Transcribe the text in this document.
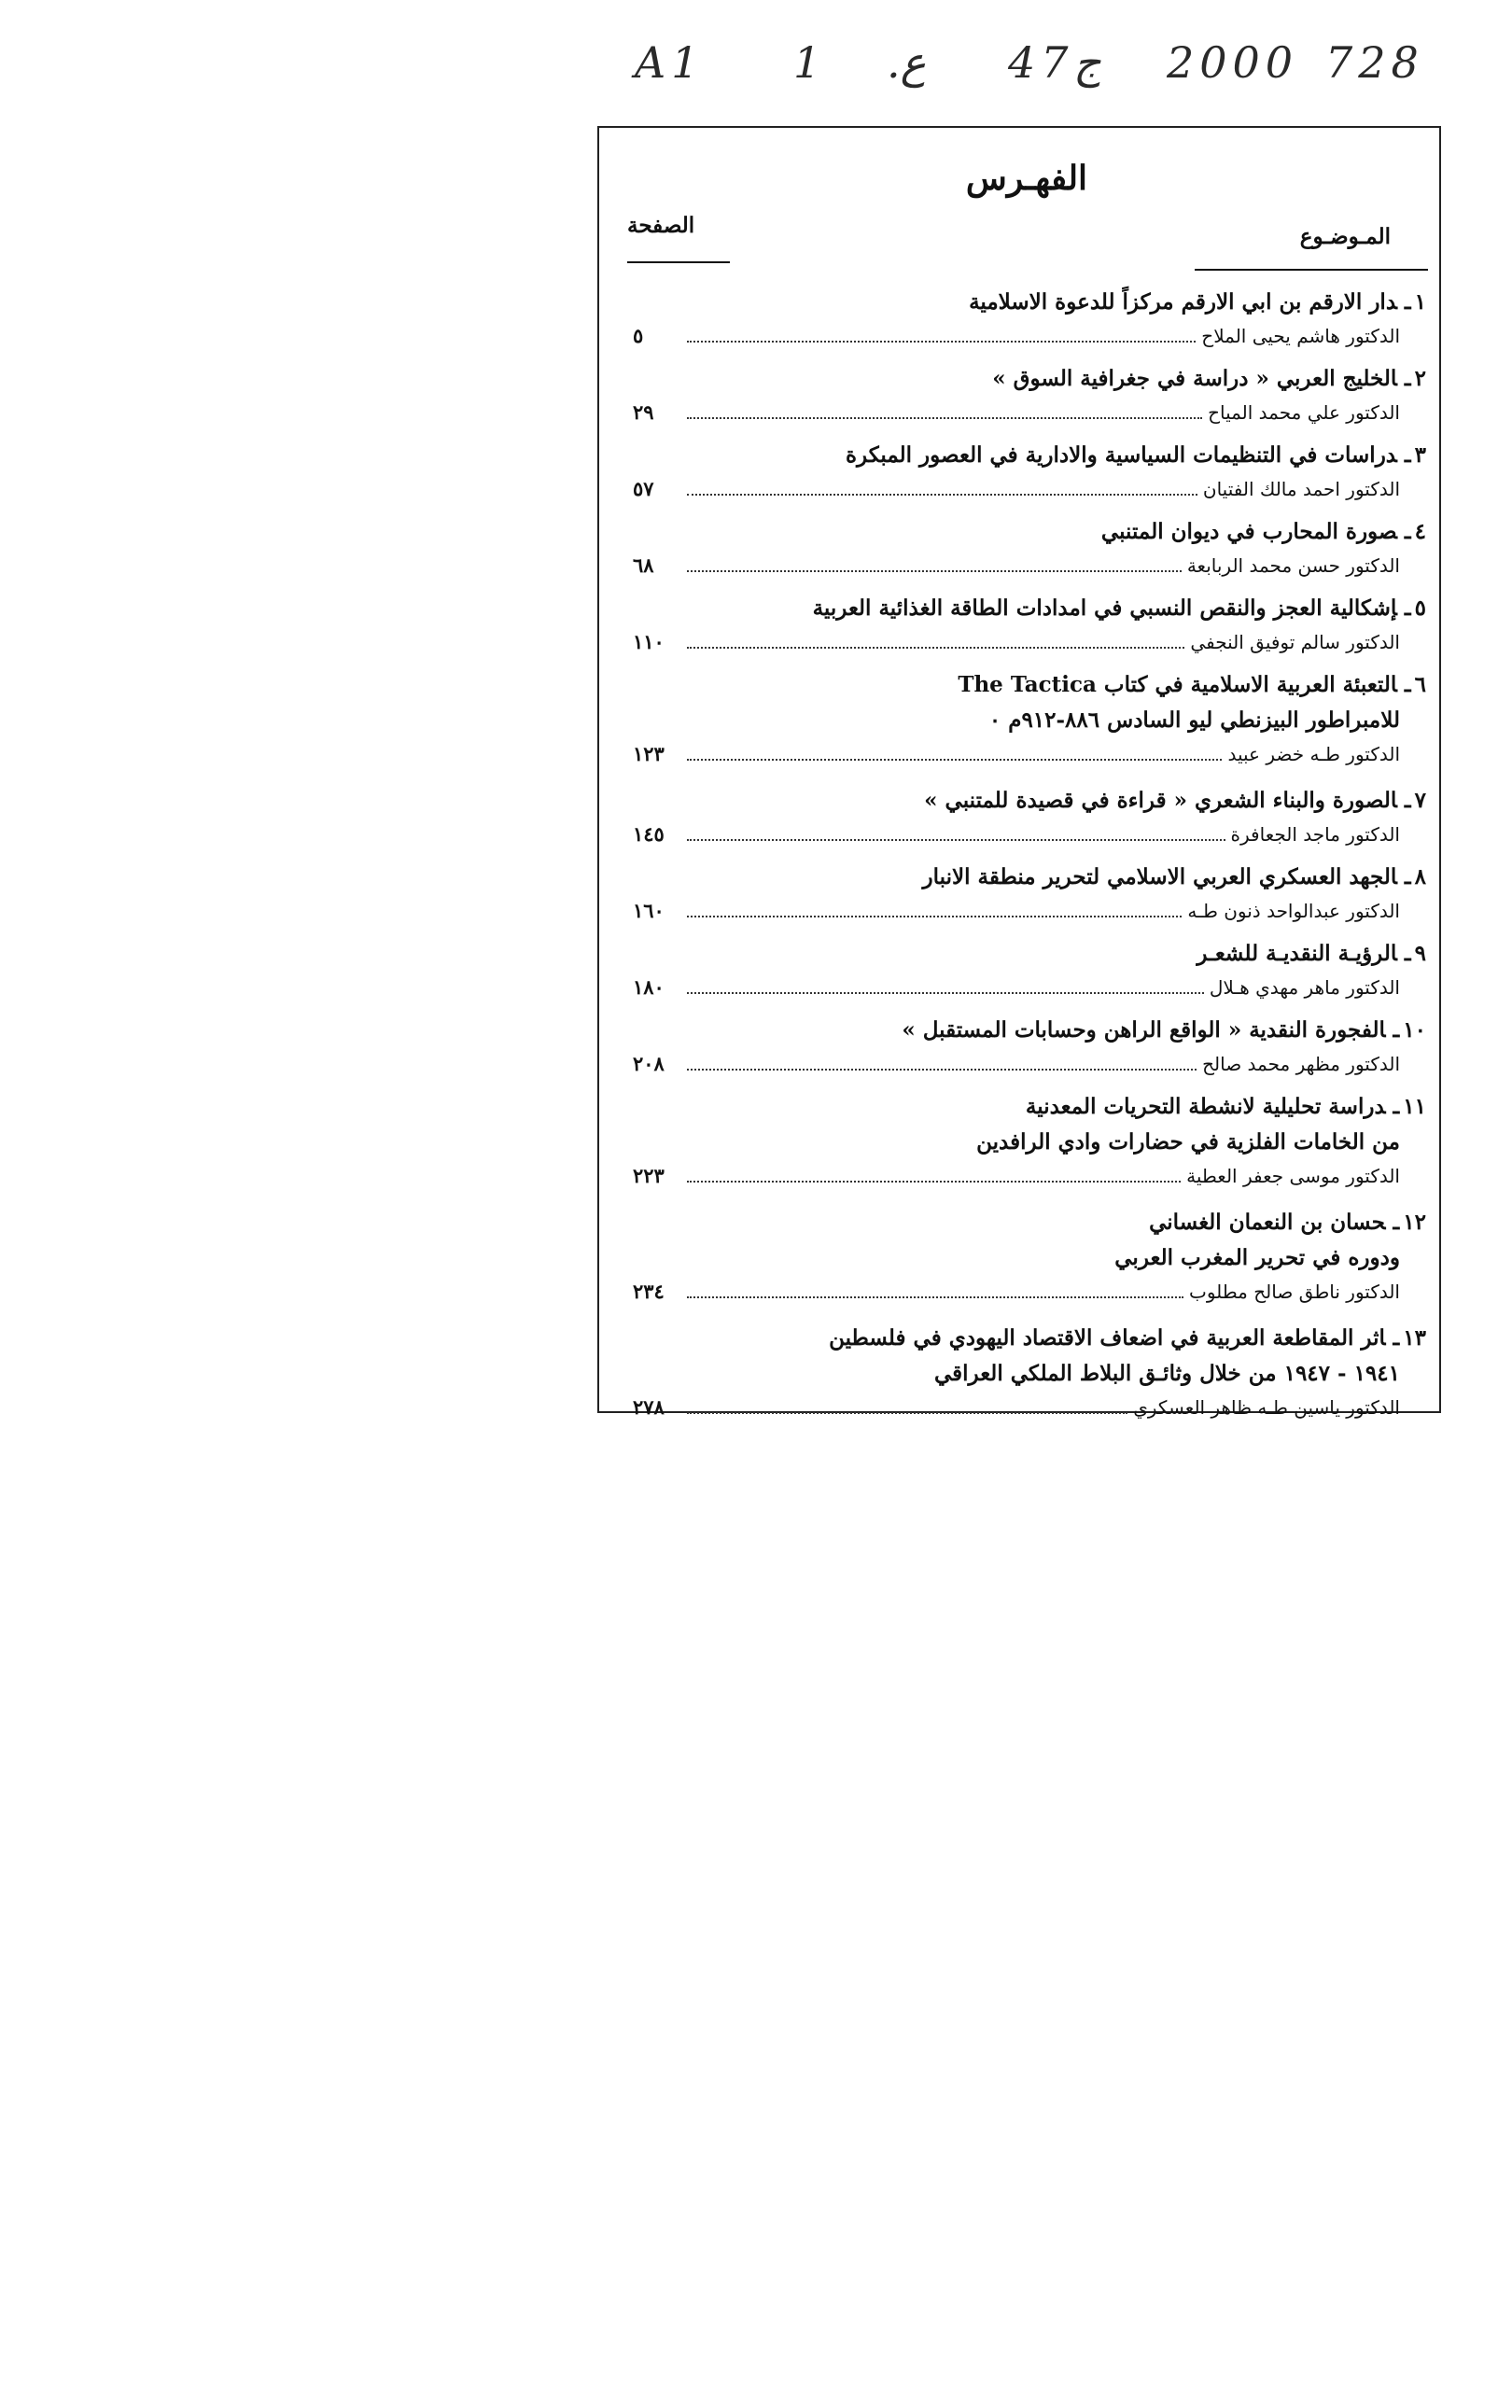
A1 1 .ع 47 ج 2000 728
الفهـرس
المـوضـوع
الصفحة
١ـدار الارقم بن ابي الارقم مركزاً للدعوة الاسلامية
الدكتور هاشم يحيى الملاح
٥
٢ـالخليج العربي « دراسة في جغرافية السوق »
الدكتور علي محمد المياح
٢٩
٣ـدراسات في التنظيمات السياسية والادارية في العصور المبكرة
الدكتور احمد مالك الفتيان
٥٧
٤ـصورة المحارب في ديوان المتنبي
الدكتور حسن محمد الربابعة
٦٨
٥ـإشكالية العجز والنقص النسبي في امدادات الطاقة الغذائية العربية
الدكتور سالم توفيق النجفي
١١٠
٦ـالتعبئة العربية الاسلامية في كتاب The Tactica
للامبراطور البيزنطي ليو السادس ٨٨٦-٩١٢م ٠
الدكتور طـه خضر عبيد
١٢٣
٧ـالصورة والبناء الشعري « قراءة في قصيدة للمتنبي »
الدكتور ماجد الجعافرة
١٤٥
٨ـالجهد العسكري العربي الاسلامي لتحرير منطقة الانبار
الدكتور عبدالواحد ذنون طـه
١٦٠
٩ـالرؤيـة النقديـة للشعـر
الدكتور ماهر مهدي هـلال
١٨٠
١٠ـالفجورة النقدية « الواقع الراهن وحسابات المستقبل »
الدكتور مظهر محمد صالح
٢٠٨
١١ـدراسة تحليلية لانشطة التحريات المعدنية
من الخامات الفلزية في حضارات وادي الرافدين
الدكتور موسى جعفر العطية
٢٢٣
١٢ـحسان بن النعمان الغساني
ودوره في تحرير المغرب العربي
الدكتور ناطق صالح مطلوب
٢٣٤
١٣ـاثر المقاطعة العربية في اضعاف الاقتصاد اليهودي في فلسطين
١٩٤١ - ١٩٤٧ من خلال وثائـق البلاط الملكي العراقي
الدكتور ياسين طـه ظاهر العسكري
٢٧٨
